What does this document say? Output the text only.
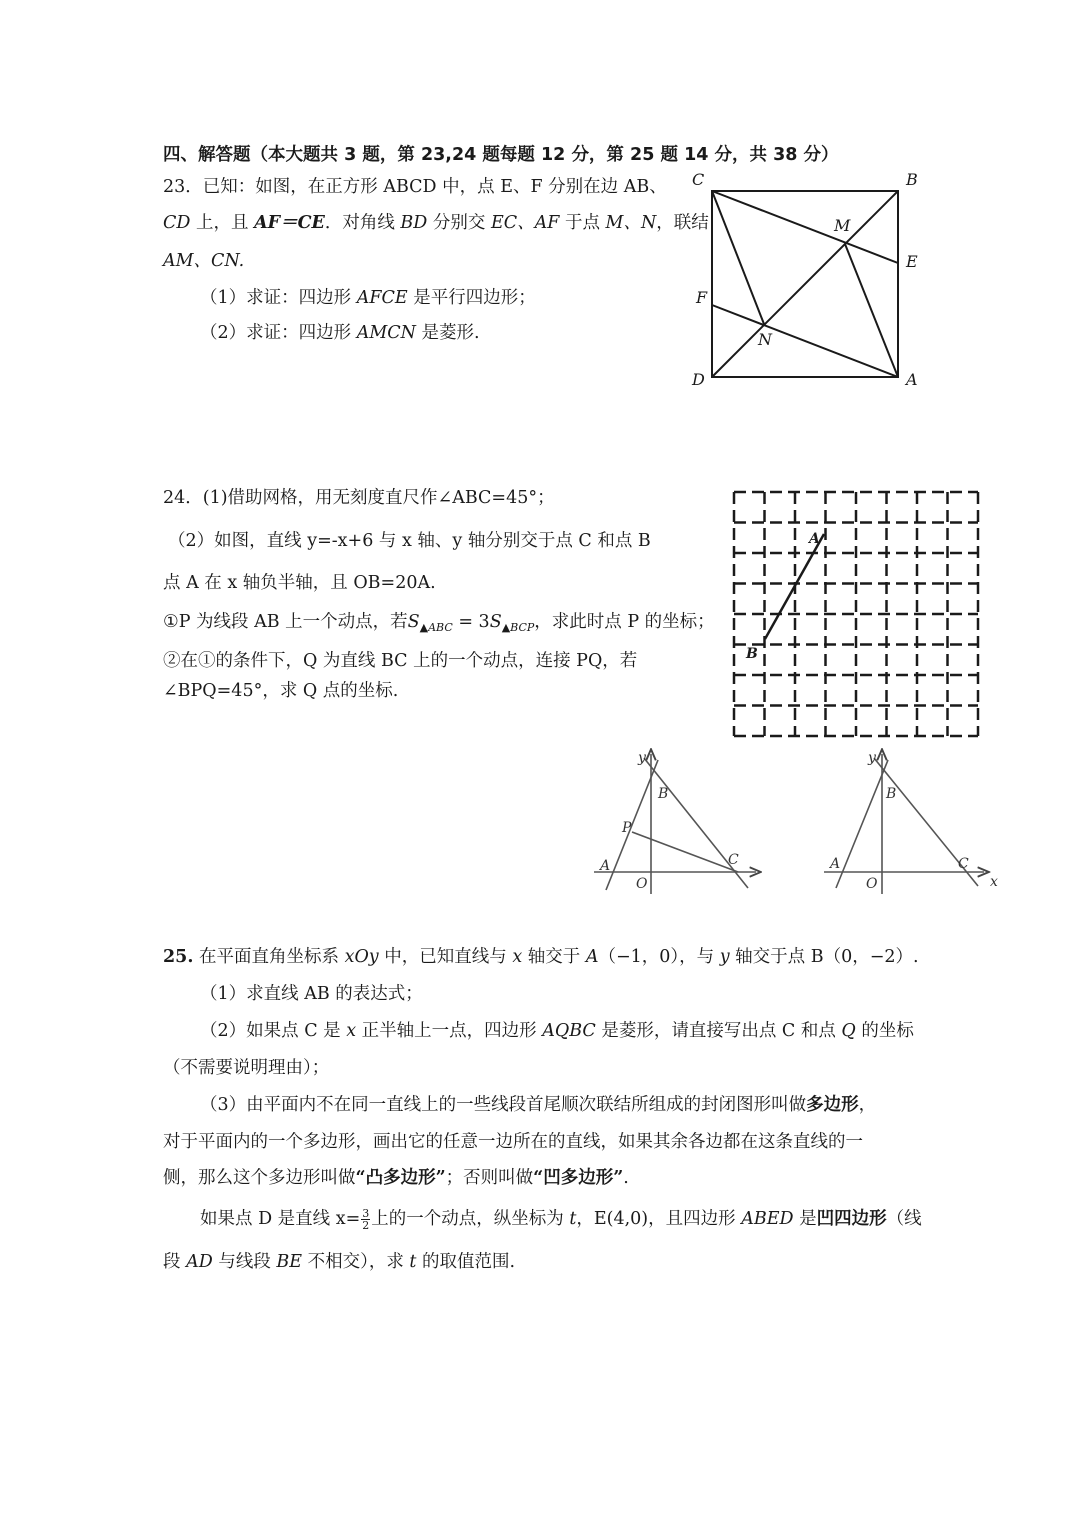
四、解答题（本大题共 3 题，第 23,24 题每题 12 分，第 25 题 14 分，共 38 分）
23．已知：如图，在正方形 ABCD 中，点 E、F 分别在边 AB、
CD 上，且 AF＝CE．对角线 BD 分别交 EC、AF 于点 M、N，联结
AM、CN.
（1）求证：四边形 AFCE 是平行四边形；
（2）求证：四边形 AMCN 是菱形.
C	B
M
E
F
N
D	A
24．(1)借助网格，用无刻度直尺作∠ABC=45°；
（2）如图，直线 y=-x+6 与 x 轴、y 轴分别交于点 C 和点 B
点 A 在 x 轴负半轴，且 OB=20A.
①P 为线段 AB 上一个动点，若$S_{▲ABC} = 3S_{▲BCP}$，求此时点 P 的坐标；
②在①的条件下，Q 为直线 BC 上的一个动点，连接 PQ，若
∠BPQ=45°，求 Q 点的坐标.
A
B
y
B
P
A	C
O
y
B
A	C
O	x
25. 在平面直角坐标系 xOy 中，已知直线与 x 轴交于 A（−1，0），与 y 轴交于点 B（0，−2）.
（1）求直线 AB 的表达式；
（2）如果点 C 是 x 正半轴上一点，四边形 AQBC 是菱形，请直接写出点 C 和点 Q 的坐标
（不需要说明理由）；
（3）由平面内不在同一直线上的一些线段首尾顺次联结所组成的封闭图形叫做多边形，
对于平面内的一个多边形，画出它的任意一边所在的直线，如果其余各边都在这条直线的一
侧，那么这个多边形叫做“凸多边形”；否则叫做“凹多边形”.
如果点 D 是直线 $x= \frac{3}{2}$ 上的一个动点，纵坐标为 t，E(4,0)，且四边形 ABED 是凹四边形（线
段 AD 与线段 BE 不相交），求 t 的取值范围.
